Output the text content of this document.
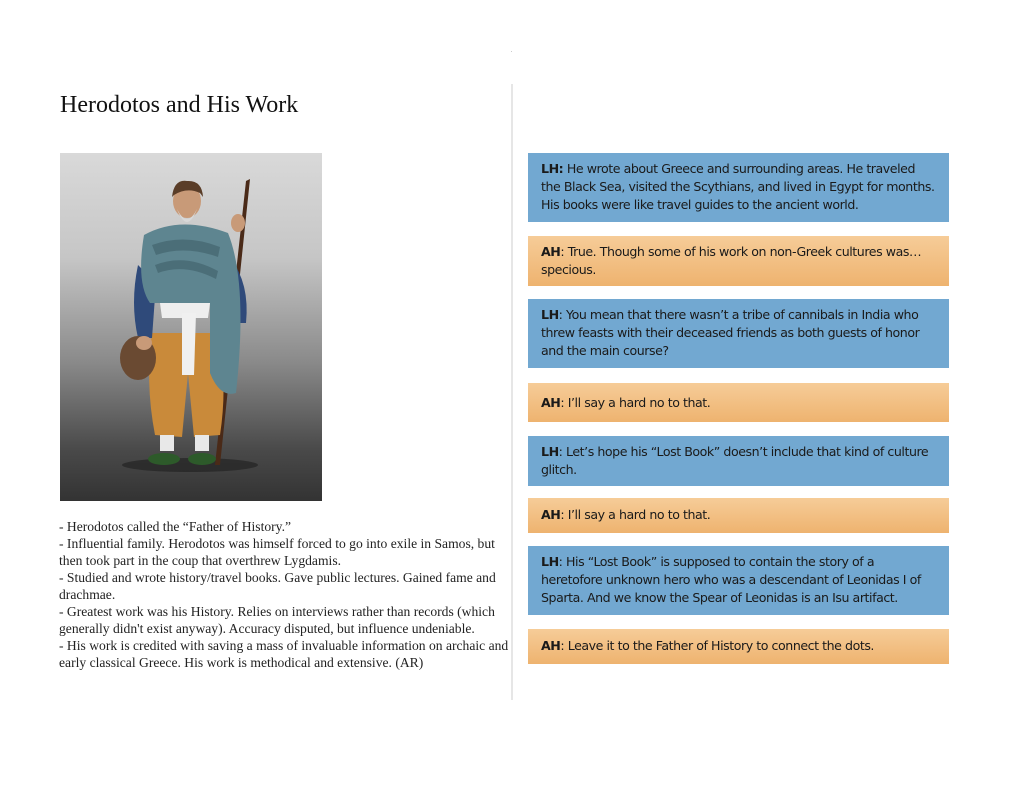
Herodotos and His Work

- Herodotos called the “Father of History.”

- Influential family. Herodotos was himself forced to go into exile in Samos, but then took part in the coup that overthrew Lygdamis.

- Studied and wrote history/travel books. Gave public lectures. Gained fame and drachmae.

- Greatest work was his History. Relies on interviews rather than records (which generally didn't exist anyway). Accuracy disputed, but influence undeniable.

- His work is credited with saving a mass of invaluable information on archaic and early classical Greece. His work is methodical and extensive. (AR)

LH: He wrote about Greece and surrounding areas. He traveled the Black Sea, visited the Scythians, and lived in Egypt for months. His books were like travel guides to the ancient world.
AH: True. Though some of his work on non-Greek cultures was… specious.
LH: You mean that there wasn’t a tribe of cannibals in India who threw feasts with their deceased friends as both guests of honor and the main course?
AH: I’ll say a hard no to that.
LH: Let’s hope his “Lost Book” doesn’t include that kind of culture glitch.
AH: I’ll say a hard no to that.
LH: His “Lost Book” is supposed to contain the story of a heretofore unknown hero who was a descendant of Leonidas I of Sparta. And we know the Spear of Leonidas is an Isu artifact.
AH: Leave it to the Father of History to connect the dots.
